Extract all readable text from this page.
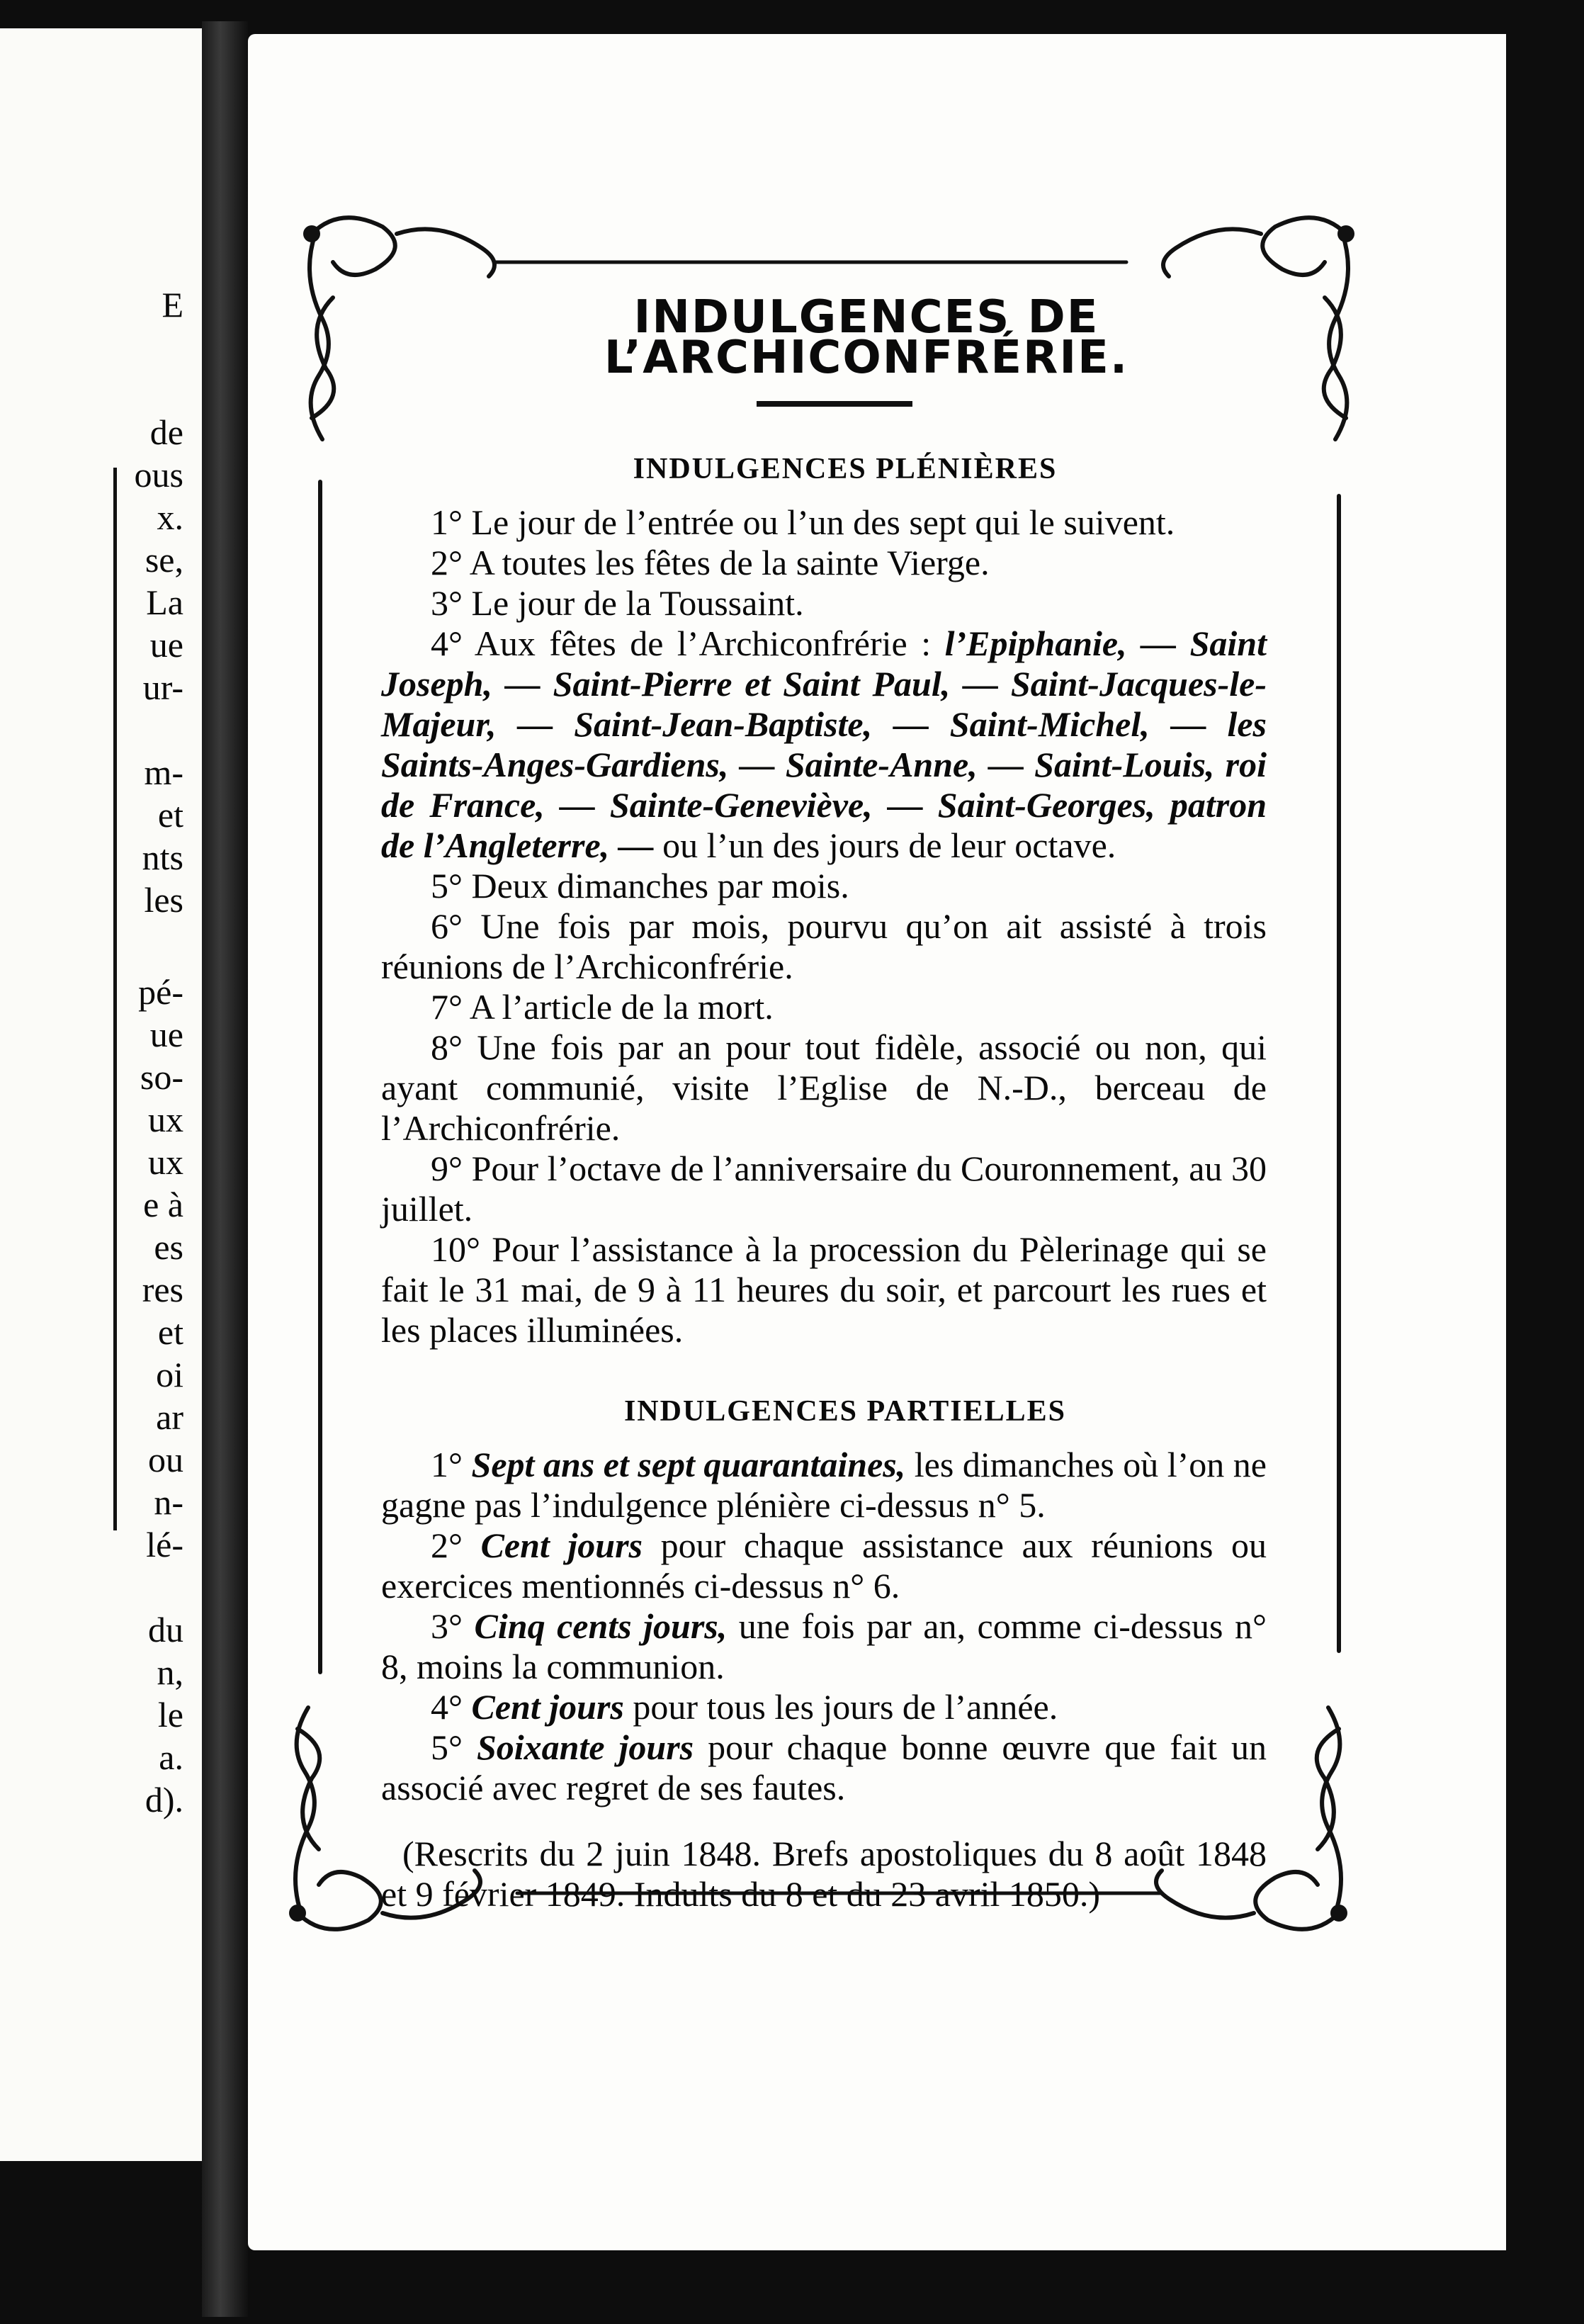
E
de
ous
x.
se,
La
ue
ur-
m-
et
nts
les
pé-
ue
so-
ux
ux
e à
es
res
et
oi
ar
ou
n-
lé-
du
n,
le
a.
d).
INDULGENCES DE L’ARCHICONFRÉRIE.
INDULGENCES PLÉNIÈRES

1° Le jour de l’entrée ou l’un des sept qui le suivent.

2° A toutes les fêtes de la sainte Vierge.

3° Le jour de la Toussaint.

4° Aux fêtes de l’Archiconfrérie : l’Epiphanie, — Saint Joseph, — Saint-Pierre et Saint Paul, — Saint-Jacques-le-Majeur, — Saint-Jean-Baptiste, — Saint-Michel, — les Saints-Anges-Gardiens, — Sainte-Anne, — Saint-Louis, roi de France, — Sainte-Geneviève, — Saint-Georges, patron de l’Angleterre, — ou l’un des jours de leur octave.

5° Deux dimanches par mois.

6° Une fois par mois, pourvu qu’on ait assisté à trois réunions de l’Archiconfrérie.

7° A l’article de la mort.

8° Une fois par an pour tout fidèle, associé ou non, qui ayant communié, visite l’Eglise de N.-D., berceau de l’Archiconfrérie.

9° Pour l’octave de l’anniversaire du Couronnement, au 30 juillet.

10° Pour l’assistance à la procession du Pèlerinage qui se fait le 31 mai, de 9 à 11 heures du soir, et parcourt les rues et les places illuminées.

INDULGENCES PARTIELLES

1° Sept ans et sept quarantaines, les dimanches où l’on ne gagne pas l’indulgence plénière ci-dessus n° 5.

2° Cent jours pour chaque assistance aux réunions ou exercices mentionnés ci-dessus n° 6.

3° Cinq cents jours, une fois par an, comme ci-dessus n° 8, moins la communion.

4° Cent jours pour tous les jours de l’année.

5° Soixante jours pour chaque bonne œuvre que fait un associé avec regret de ses fautes.

(Rescrits du 2 juin 1848. Brefs apostoliques du 8 août 1848 et 9 février 1849. Indults du 8 et du 23 avril 1850.)
